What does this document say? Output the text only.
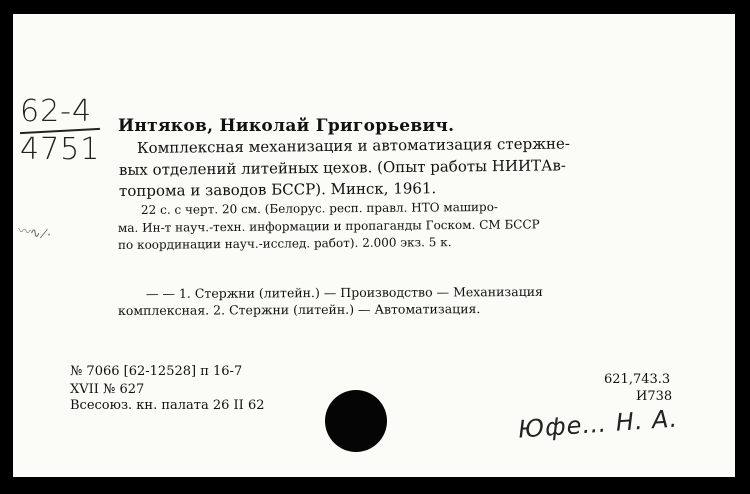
62-4
4751
〰∿ ⁄ ·
Интяков, Николай Григорьевич.
Комплексная механизация и автоматизация стержне-
вых отделений литейных цехов. (Опыт работы НИИТАв-
топрома и заводов БССР). Минск, 1961.
22 с. с черт. 20 см. (Белорус. респ. правл. НТО маширо-
ма. Ин-т науч.-техн. информации и пропаганды Госком. СМ БССР
по координации науч.-исслед. работ). 2.000 экз. 5 к.
— — 1. Стержни (литейн.) — Производство — Механизация
комплексная. 2. Стержни (литейн.) — Автоматизация.
№ 7066 [62-12528] п 16-7
XVII № 627
Всесоюз. кн. палата 26 II 62
621,743.3
И738
Юфе… Н. А.
